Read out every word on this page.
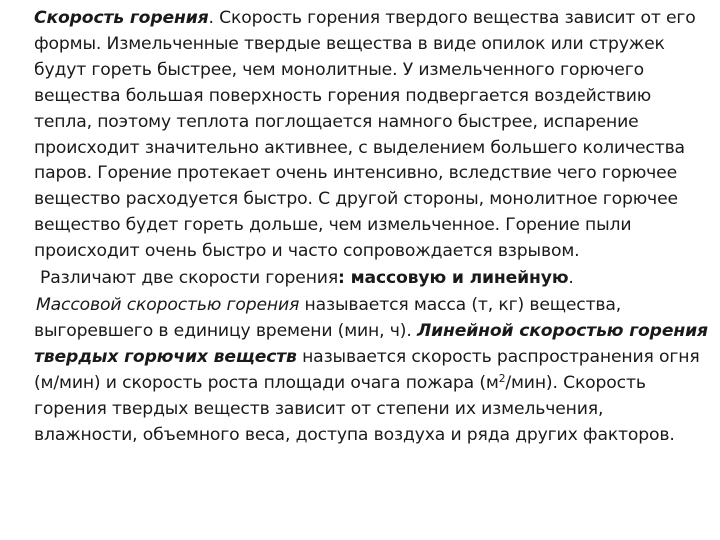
Скорость горения. Скорость горения твердого вещества зависит от его формы. Измельченные твердые вещества в виде опилок или стружек будут гореть быстрее, чем монолитные. У измельченного горючего вещества большая поверхность горения подвергается воздействию тепла, поэтому теплота поглощается намного быстрее, испарение происходит значительно активнее, с выделением большего количества паров. Горение протекает очень интенсивно, вследствие чего горючее вещество расходуется быстро. С другой стороны, монолитное горючее вещество будет гореть дольше, чем измельченное. Горение пыли происходит очень быстро и часто сопровождается взрывом.

Различают две скорости горения: массовую и линейную.

Массовой скоростью горения называется масса (т, кг) вещества, выгоревшего в единицу времени (мин, ч). Линейной скоростью горения твердых горючих веществ называется скорость распространения огня (м/мин) и скорость роста площади очага пожара $(м^2/мин)$. Скорость горения твердых веществ зависит от степени их измельчения, влажности, объемного веса, доступа воздуха и ряда других факторов.
